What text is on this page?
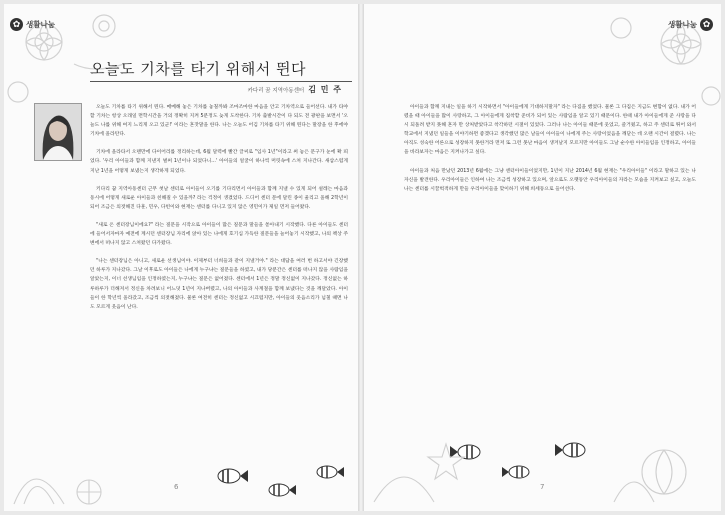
✿ 생활나눔
오늘도 기차를 타기 위해서 뛴다
카다리 꿈 지역아동센터 김 민 주

오늘도 기차를 타기 위해서 뛴다. 매메해 놓은 기차를 놓칠까봐 조마조마한 마음을 안고 기차역으로 들어선다. 내가 타야 할 기차는 항상 오래일 면학시간을 거의 정확히 지켜 5분정도 늦게 도착한다. 기차 출발시간이 다 되도 전 광판을 보면서 '오늘도 나를 위해 여지 느리게 오고 있군!' 이라는 혼잣말을 한다. 나는 오늘도 어김 기차를 타기 위해 뛴다는 말장을 한 후에야 기차에 올라탄다.

기차에 올라타서 오랜만에 다이어리를 정리하는데, 6월 달력에 빨간 글씨로 "입사 1년"이라고 써 놓은 문구가 눈에 확 띄었다. '우리 아이들과 함께 지낸지 벌써 1년이나 되었다니...' 아이들의 얼굴이 하나씩 머릿속에 스쳐 지나간다. 새삼스럽게 지난 1년을 어떻게 보냈는지 생각하게 되었다.

키다리 꿈 지역아동센터 근무 첫날 센터로 아이들이 오기를 기다리면서 아이들과 함께 지낼 수 있게 되어 설레는 마음과 동시에 어떻게 새로운 아이들과 친해질 수 있을까? 라는 걱정이 생겼었다. 드디어 센터 문에 달린 종이 울리고 올해 2학년이 되어 조금은 의젓해진 다훈, 민우, 다빈이와 현재는 센터를 다니고 있지 않은 영민이가 제일 먼저 들어왔다.

"새로 온 센터장님이에요?" 라는 질문을 시작으로 아이들이 많은 질문과 말들을 쏟아내기 시작했다. 다른 아이들도 센터에 들어서자마자 예전에 계시던 센터장님 자리에 앉아 있는 나에게 호기심 가득한 질문들을 늘어놓기 시작했고, 나의 책상 주변에서 떠나지 않고 스쳐왔던 다가왔다.

"나는 센터장님은 아니고, 새로운 선생님이야. 이제부터 너희들과 같이 지낼거야." 라는 대답을 여러 번 하고서야 긴장했던 하루가 지나갔다. 그날 이후로도 아이들은 나에게 누구냐는 질문들을 하였고, 내가 당분간은 센터를 떠나지 않을 사람임을 알았는지, 이너 선생님임을 인정하였는지, 누구냐는 질문은 없어졌다. 센터에서 1년은 정말 정신없이 지나갔다. 정신없는 하루하루가 더해져서 정신을 차려보니 어느덧 1년이 지나버렸고, 나의 아이들과 사계절을 함께 보냈다는 것을 깨달았다. 아이들이 한 학년씩 올라갔고, 조금씩 의젓해졌다. 물론 여전히 센터는 정신없고 시끄럽지만, 아이들의 웃음소리가 넘칠 때면 나도 모르게 웃음이 난다.

6
생활나눔 ✿

아이들과 함께 지내는 일을 하기 시작하면서 "아이들에게 기대하지말자" 라는 다짐을 했었다. 물론 그 다짐은 지금도 변함이 없다. 내가 어렸을 때 아이들을 많이 사랑하고, 그 아이들에게 집착할 준비가 되어 있는 사람임을 알고 있기 때문이다. 한때 내가 아이들에게 준 사랑을 다시 되돌려 받지 못해 혼자 만 상처받았다고 착각하던 시절이 있었다. 그러나 나는 아이들 때문에 웃었고, 즐거웠고, 하고 주 센터로 뛰어 와서 학교에서 지냈던 일들을 이야기하면 좋겠다고 생각했던 많은 날들이 아이들이 나에게 주는 사랑이었음을 깨닫는 데 오랜 시간이 걸렸다. 나는 아직도 성숙한 어른으로 성장하지 못한거라 먼저 또 그런 못난 마음이 생겨날지 모르지만 아이들도 그날 순수한 아이들임을 인정하고, 아이들을 바라보자는 마음은 지켜나가고 싶다.

아이들과 처음 만났던 2013년 6월에는 그냥 센터아이들이었지만, 1년이 지난 2014년 6월 현재는 "우리아이들" 이라고 말하고 있는 나 자신을 발견한다. 우리아이들은 인하여 나는 조금씩 성장하고 있으며, 앞으로도 오랫동안 우리아이들의 자라는 모습을 지켜보고 싶고, 오늘도 나는 센터를 시끌벅적하게 만들 우리아이들을 맞이하기 위해 희세동으로 들어선다.

7
